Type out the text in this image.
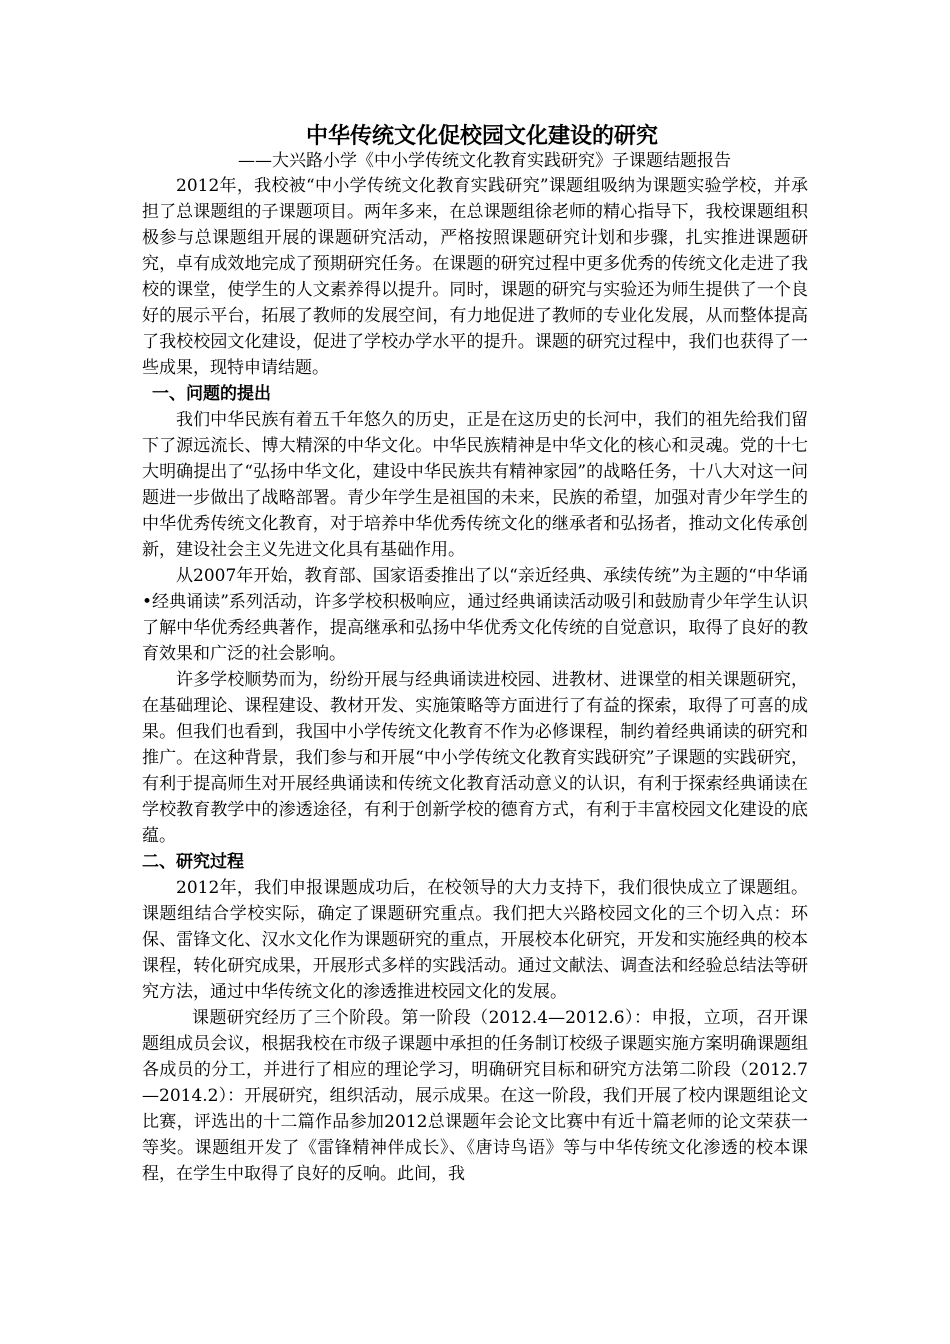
中华传统文化促校园文化建设的研究
——大兴路小学《中小学传统文化教育实践研究》子课题结题报告

2012年，我校被“中小学传统文化教育实践研究”课题组吸纳为课题实验学校，并承担了总课题组的子课题项目。两年多来，在总课题组徐老师的精心指导下，我校课题组积极参与总课题组开展的课题研究活动，严格按照课题研究计划和步骤，扎实推进课题研究，卓有成效地完成了预期研究任务。在课题的研究过程中更多优秀的传统文化走进了我校的课堂，使学生的人文素养得以提升。同时，课题的研究与实验还为师生提供了一个良好的展示平台，拓展了教师的发展空间，有力地促进了教师的专业化发展，从而整体提高了我校校园文化建设，促进了学校办学水平的提升。课题的研究过程中，我们也获得了一些成果，现特申请结题。

一、问题的提出

我们中华民族有着五千年悠久的历史，正是在这历史的长河中，我们的祖先给我们留下了源远流长、博大精深的中华文化。中华民族精神是中华文化的核心和灵魂。党的十七大明确提出了“弘扬中华文化，建设中华民族共有精神家园”的战略任务，十八大对这一问题进一步做出了战略部署。青少年学生是祖国的未来，民族的希望，加强对青少年学生的中华优秀传统文化教育，对于培养中华优秀传统文化的继承者和弘扬者，推动文化传承创新，建设社会主义先进文化具有基础作用。

从2007年开始，教育部、国家语委推出了以“亲近经典、承续传统”为主题的“中华诵•经典诵读”系列活动，许多学校积极响应，通过经典诵读活动吸引和鼓励青少年学生认识了解中华优秀经典著作，提高继承和弘扬中华优秀文化传统的自觉意识，取得了良好的教育效果和广泛的社会影响。

许多学校顺势而为，纷纷开展与经典诵读进校园、进教材、进课堂的相关课题研究，在基础理论、课程建设、教材开发、实施策略等方面进行了有益的探索，取得了可喜的成果。但我们也看到，我国中小学传统文化教育不作为必修课程，制约着经典诵读的研究和推广。在这种背景，我们参与和开展“中小学传统文化教育实践研究”子课题的实践研究，有利于提高师生对开展经典诵读和传统文化教育活动意义的认识，有利于探索经典诵读在学校教育教学中的渗透途径，有利于创新学校的德育方式，有利于丰富校园文化建设的底蕴。

二、研究过程

2012年，我们申报课题成功后，在校领导的大力支持下，我们很快成立了课题组。课题组结合学校实际，确定了课题研究重点。我们把大兴路校园文化的三个切入点：环保、雷锋文化、汉水文化作为课题研究的重点，开展校本化研究，开发和实施经典的校本课程，转化研究成果，开展形式多样的实践活动。通过文献法、调查法和经验总结法等研究方法，通过中华传统文化的渗透推进校园文化的发展。

课题研究经历了三个阶段。第一阶段（2012.4—2012.6）：申报，立项，召开课题组成员会议，根据我校在市级子课题中承担的任务制订校级子课题实施方案明确课题组各成员的分工，并进行了相应的理论学习，明确研究目标和研究方法第二阶段（2012.7—2014.2）：开展研究，组织活动，展示成果。在这一阶段，我们开展了校内课题组论文比赛，评选出的十二篇作品参加2012总课题年会论文比赛中有近十篇老师的论文荣获一等奖。课题组开发了《雷锋精神伴成长》、《唐诗鸟语》等与中华传统文化渗透的校本课程，在学生中取得了良好的反响。此间，我
